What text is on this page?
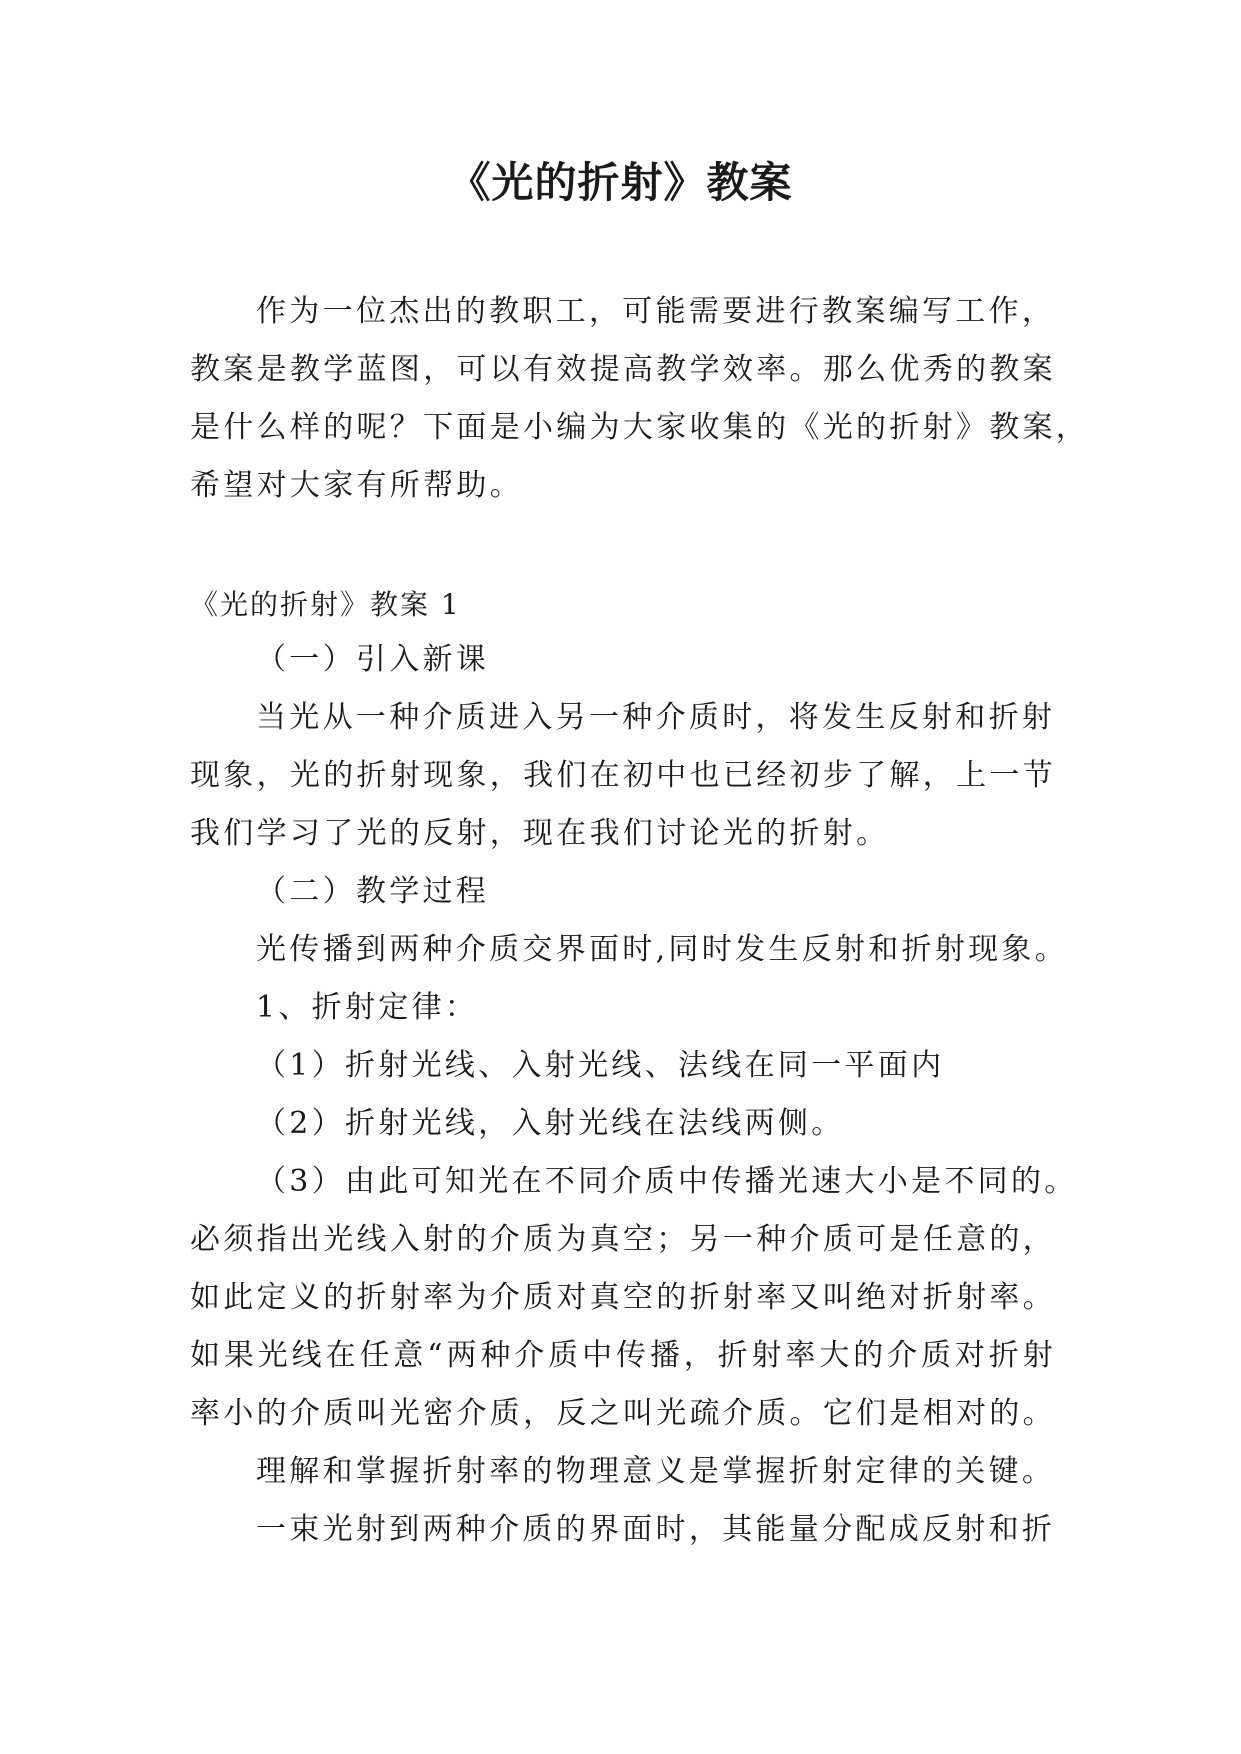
《光的折射》教案
作为一位杰出的教职工，可能需要进行教案编写工作，
教案是教学蓝图，可以有效提高教学效率。那么优秀的教案
是什么样的呢？下面是小编为大家收集的《光的折射》教案，
希望对大家有所帮助。
《光的折射》教案 1
（一）引入新课
当光从一种介质进入另一种介质时，将发生反射和折射
现象，光的折射现象，我们在初中也已经初步了解，上一节
我们学习了光的反射，现在我们讨论光的折射。
（二）教学过程
光传播到两种介质交界面时,同时发生反射和折射现象。
1、折射定律：
（1）折射光线、入射光线、法线在同一平面内
（2）折射光线，入射光线在法线两侧。
（3）由此可知光在不同介质中传播光速大小是不同的。
必须指出光线入射的介质为真空；另一种介质可是任意的，
如此定义的折射率为介质对真空的折射率又叫绝对折射率。
如果光线在任意“两种介质中传播，折射率大的介质对折射
率小的介质叫光密介质，反之叫光疏介质。它们是相对的。
理解和掌握折射率的物理意义是掌握折射定律的关键。
一束光射到两种介质的界面时，其能量分配成反射和折
